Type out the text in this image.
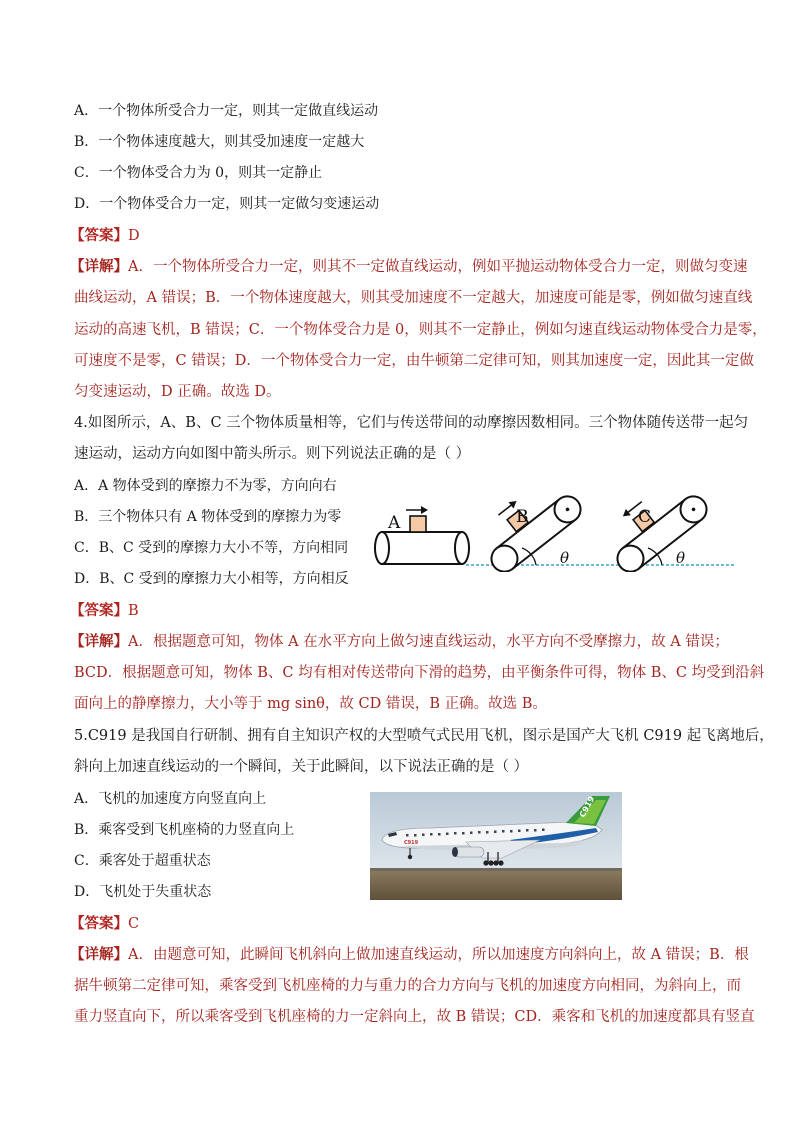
A．一个物体所受合力一定，则其一定做直线运动

B．一个物体速度越大，则其受加速度一定越大

C．一个物体受合力为 0，则其一定静止

D．一个物体受合力一定，则其一定做匀变速运动

【答案】D

【详解】A．一个物体所受合力一定，则其不一定做直线运动，例如平抛运动物体受合力一定，则做匀变速

曲线运动，A 错误；B．一个物体速度越大，则其受加速度不一定越大，加速度可能是零，例如做匀速直线

运动的高速飞机，B 错误；C．一个物体受合力是 0，则其不一定静止，例如匀速直线运动物体受合力是零，

可速度不是零，C 错误；D．一个物体受合力一定，由牛顿第二定律可知，则其加速度一定，因此其一定做

匀变速运动，D 正确。故选 D。

4.如图所示，A、B、C 三个物体质量相等，它们与传送带间的动摩擦因数相同。三个物体随传送带一起匀

速运动，运动方向如图中箭头所示。则下列说法正确的是（ ）

A．A 物体受到的摩擦力不为零，方向向右

B．三个物体只有 A 物体受到的摩擦力为零

C．B、C 受到的摩擦力大小不等，方向相同

D．B、C 受到的摩擦力大小相等，方向相反

A	B
θ
C
θ

【答案】B

【详解】A．根据题意可知，物体 A 在水平方向上做匀速直线运动，水平方向不受摩擦力，故 A 错误；

BCD．根据题意可知，物体 B、C 均有相对传送带向下滑的趋势，由平衡条件可得，物体 B、C 均受到沿斜

面向上的静摩擦力，大小等于 mg sinθ，故 CD 错误，B 正确。故选 B。

5.C919 是我国自行研制、拥有自主知识产权的大型喷气式民用飞机，图示是国产大飞机 C919 起飞离地后，

斜向上加速直线运动的一个瞬间，关于此瞬间，以下说法正确的是（ ）

A．飞机的加速度方向竖直向上

B．乘客受到飞机座椅的力竖直向上

C．乘客处于超重状态

D．飞机处于失重状态

C919
C919

【答案】C

【详解】A．由题意可知，此瞬间飞机斜向上做加速直线运动，所以加速度方向斜向上，故 A 错误；B．根

据牛顿第二定律可知，乘客受到飞机座椅的力与重力的合力方向与飞机的加速度方向相同，为斜向上，而

重力竖直向下，所以乘客受到飞机座椅的力一定斜向上，故 B 错误；CD．乘客和飞机的加速度都具有竖直
